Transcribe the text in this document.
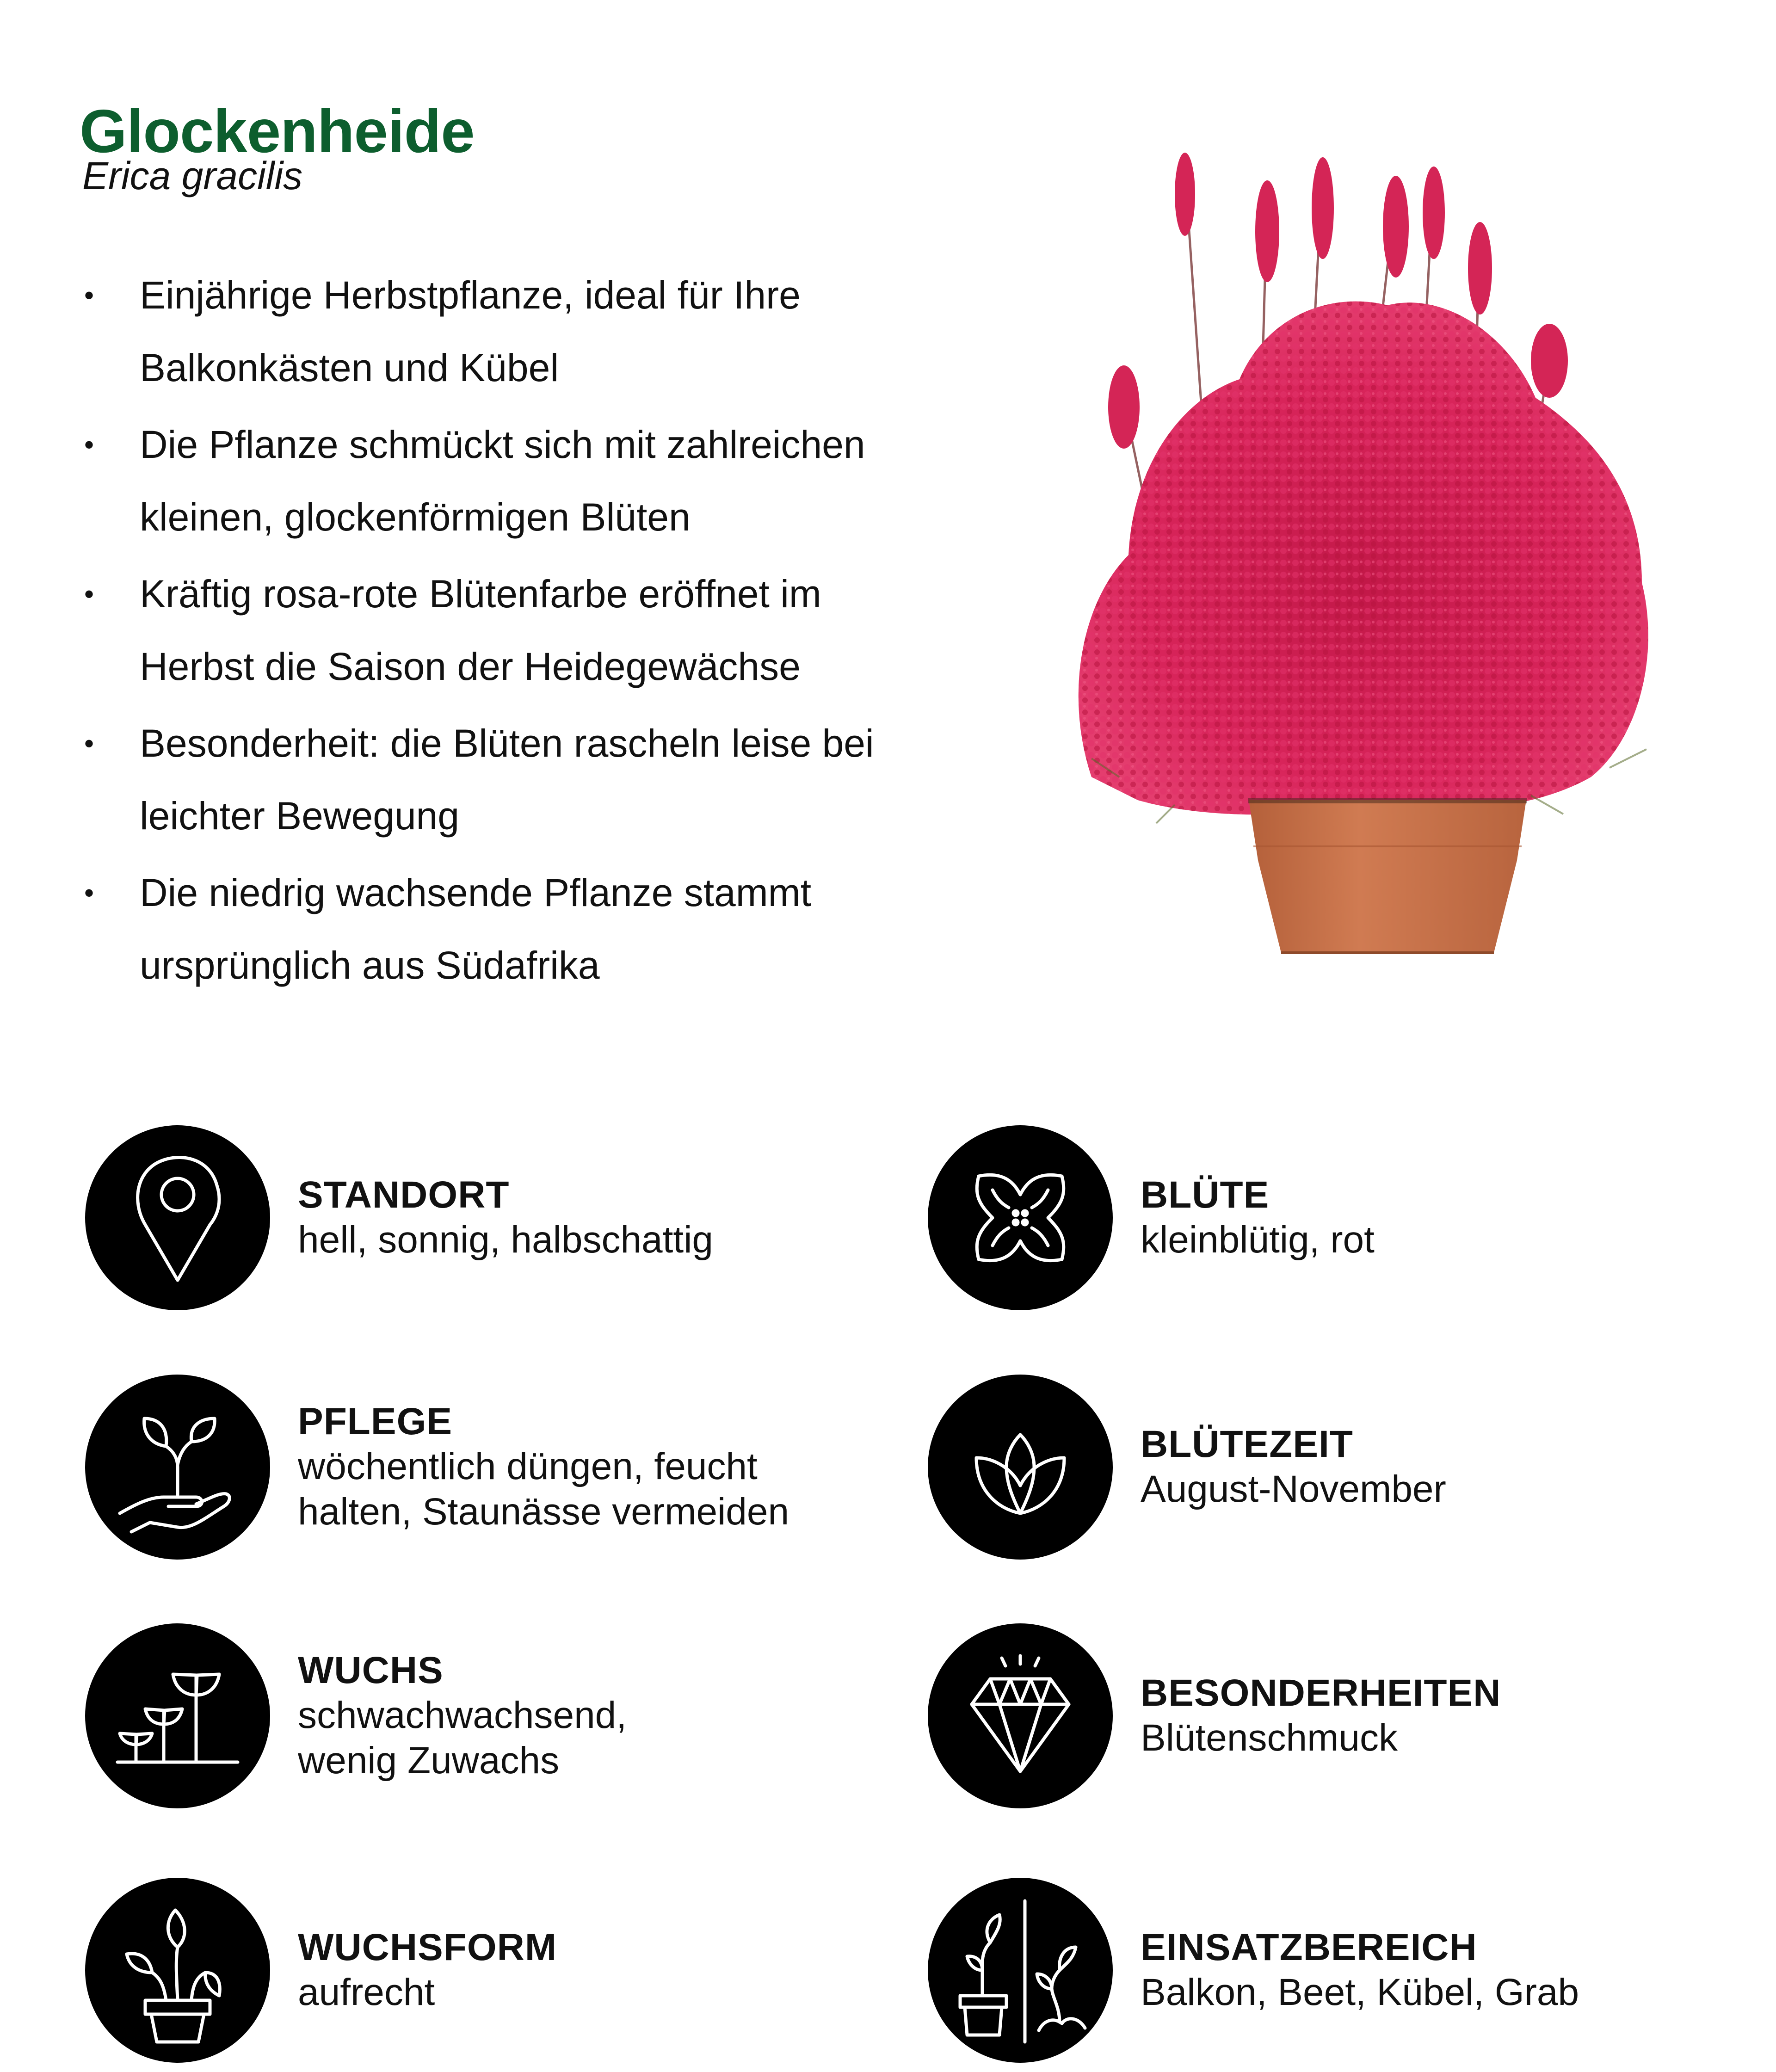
Glockenheide
Erica gracilis
• Einjährige Herbstpflanze, ideal für Ihre
Balkonkästen und Kübel
• Die Pflanze schmückt sich mit zahlreichen
kleinen, glockenförmigen Blüten
• Kräftig rosa-rote Blütenfarbe eröffnet im
Herbst die Saison der Heidegewächse
• Besonderheit: die Blüten rascheln leise bei
leichter Bewegung
• Die niedrig wachsende Pflanze stammt
ursprünglich aus Südafrika
STANDORT
hell, sonnig, halbschattig
PFLEGE
wöchentlich düngen, feucht
halten, Staunässe vermeiden
WUCHS
schwachwachsend,
wenig Zuwachs
WUCHSFORM
aufrecht
BLÜTE
kleinblütig, rot
BLÜTEZEIT
August-November
BESONDERHEITEN
Blütenschmuck
EINSATZBEREICH
Balkon, Beet, Kübel, Grab
